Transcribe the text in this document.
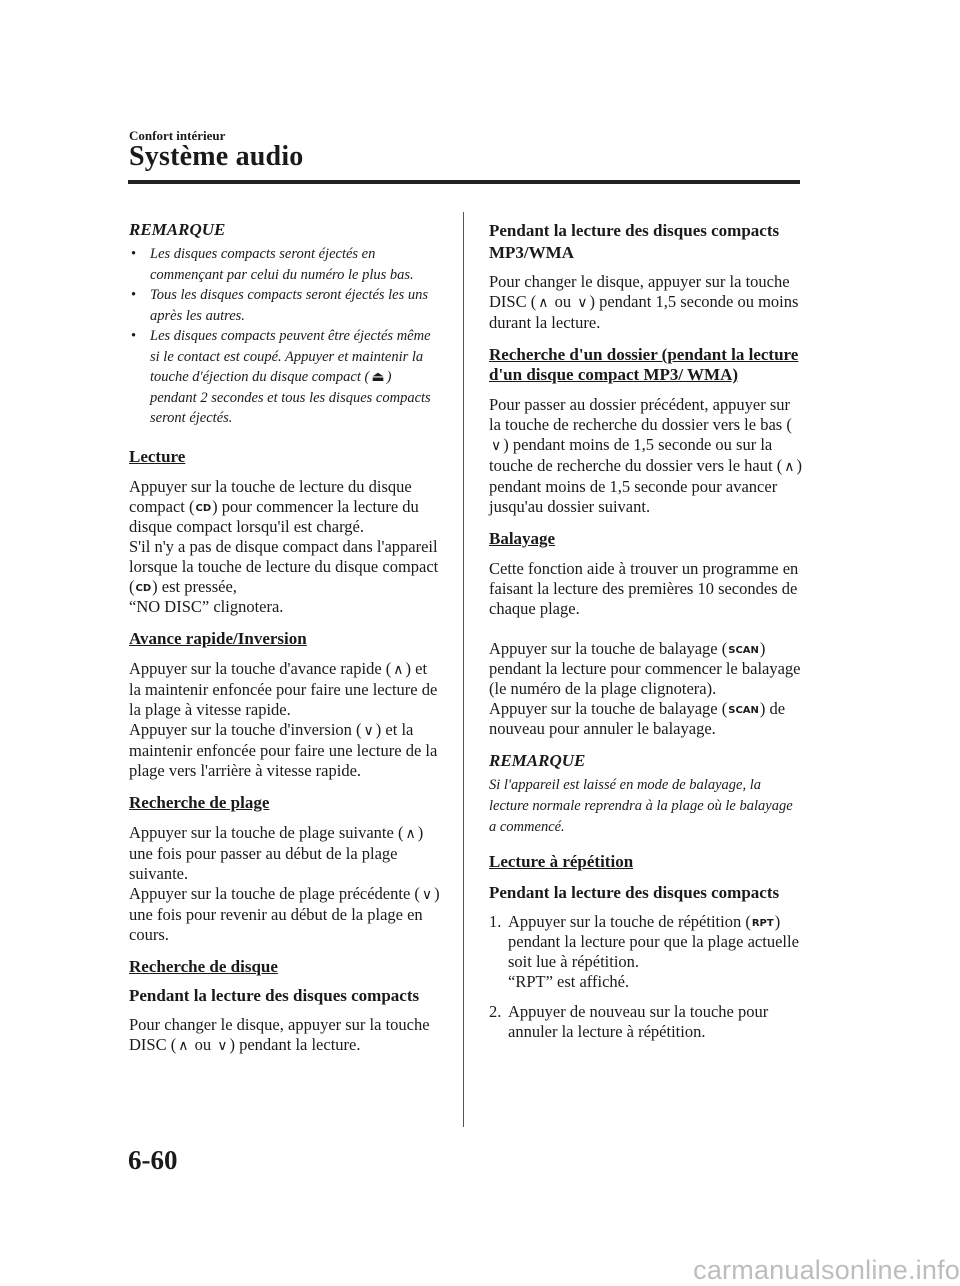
Confort intérieur
Système audio

REMARQUE

• Les disques compacts seront éjectés en commençant par celui du numéro le plus bas.
• Tous les disques compacts seront éjectés les uns après les autres.
• Les disques compacts peuvent être éjectés même si le contact est coupé. Appuyer et maintenir la touche d'éjection du disque compact ( ⏏ ) pendant 2 secondes et tous les disques compacts seront éjectés.

Lecture

Appuyer sur la touche de lecture du disque compact (CD) pour commencer la lecture du disque compact lorsqu'il est chargé.

S'il n'y a pas de disque compact dans l'appareil lorsque la touche de lecture du disque compact (CD) est pressée,

“NO DISC” clignotera.

Avance rapide/Inversion

Appuyer sur la touche d'avance rapide ( ∧ ) et la maintenir enfoncée pour faire une lecture de la plage à vitesse rapide.

Appuyer sur la touche d'inversion ( ∨ ) et la maintenir enfoncée pour faire une lecture de la plage vers l'arrière à vitesse rapide.

Recherche de plage

Appuyer sur la touche de plage suivante ( ∧ ) une fois pour passer au début de la plage suivante.

Appuyer sur la touche de plage précédente ( ∨ ) une fois pour revenir au début de la plage en cours.

Recherche de disque

Pendant la lecture des disques compacts

Pour changer le disque, appuyer sur la touche DISC ( ∧ ou ∨ ) pendant la lecture.

Pendant la lecture des disques compacts MP3/WMA

Pour changer le disque, appuyer sur la touche DISC ( ∧ ou ∨ ) pendant 1,5 seconde ou moins durant la lecture.

Recherche d'un dossier (pendant la lecture d'un disque compact MP3/ WMA)

Pour passer au dossier précédent, appuyer sur la touche de recherche du dossier vers le bas (∨ ) pendant moins de 1,5 seconde ou sur la touche de recherche du dossier vers le haut ( ∧ ) pendant moins de 1,5 seconde pour avancer jusqu'au dossier suivant.

Balayage

Cette fonction aide à trouver un programme en faisant la lecture des premières 10 secondes de chaque plage.

Appuyer sur la touche de balayage (SCAN) pendant la lecture pour commencer le balayage (le numéro de la plage clignotera).

Appuyer sur la touche de balayage (SCAN) de nouveau pour annuler le balayage.

REMARQUE

Si l'appareil est laissé en mode de balayage, la lecture normale reprendra à la plage où le balayage a commencé.

Lecture à répétition

Pendant la lecture des disques compacts

1. Appuyer sur la touche de répétition (RPT) pendant la lecture pour que la plage actuelle soit lue à répétition.

“RPT” est affiché.

2. Appuyer de nouveau sur la touche pour annuler la lecture à répétition.

6-60
carmanualsonline.info
